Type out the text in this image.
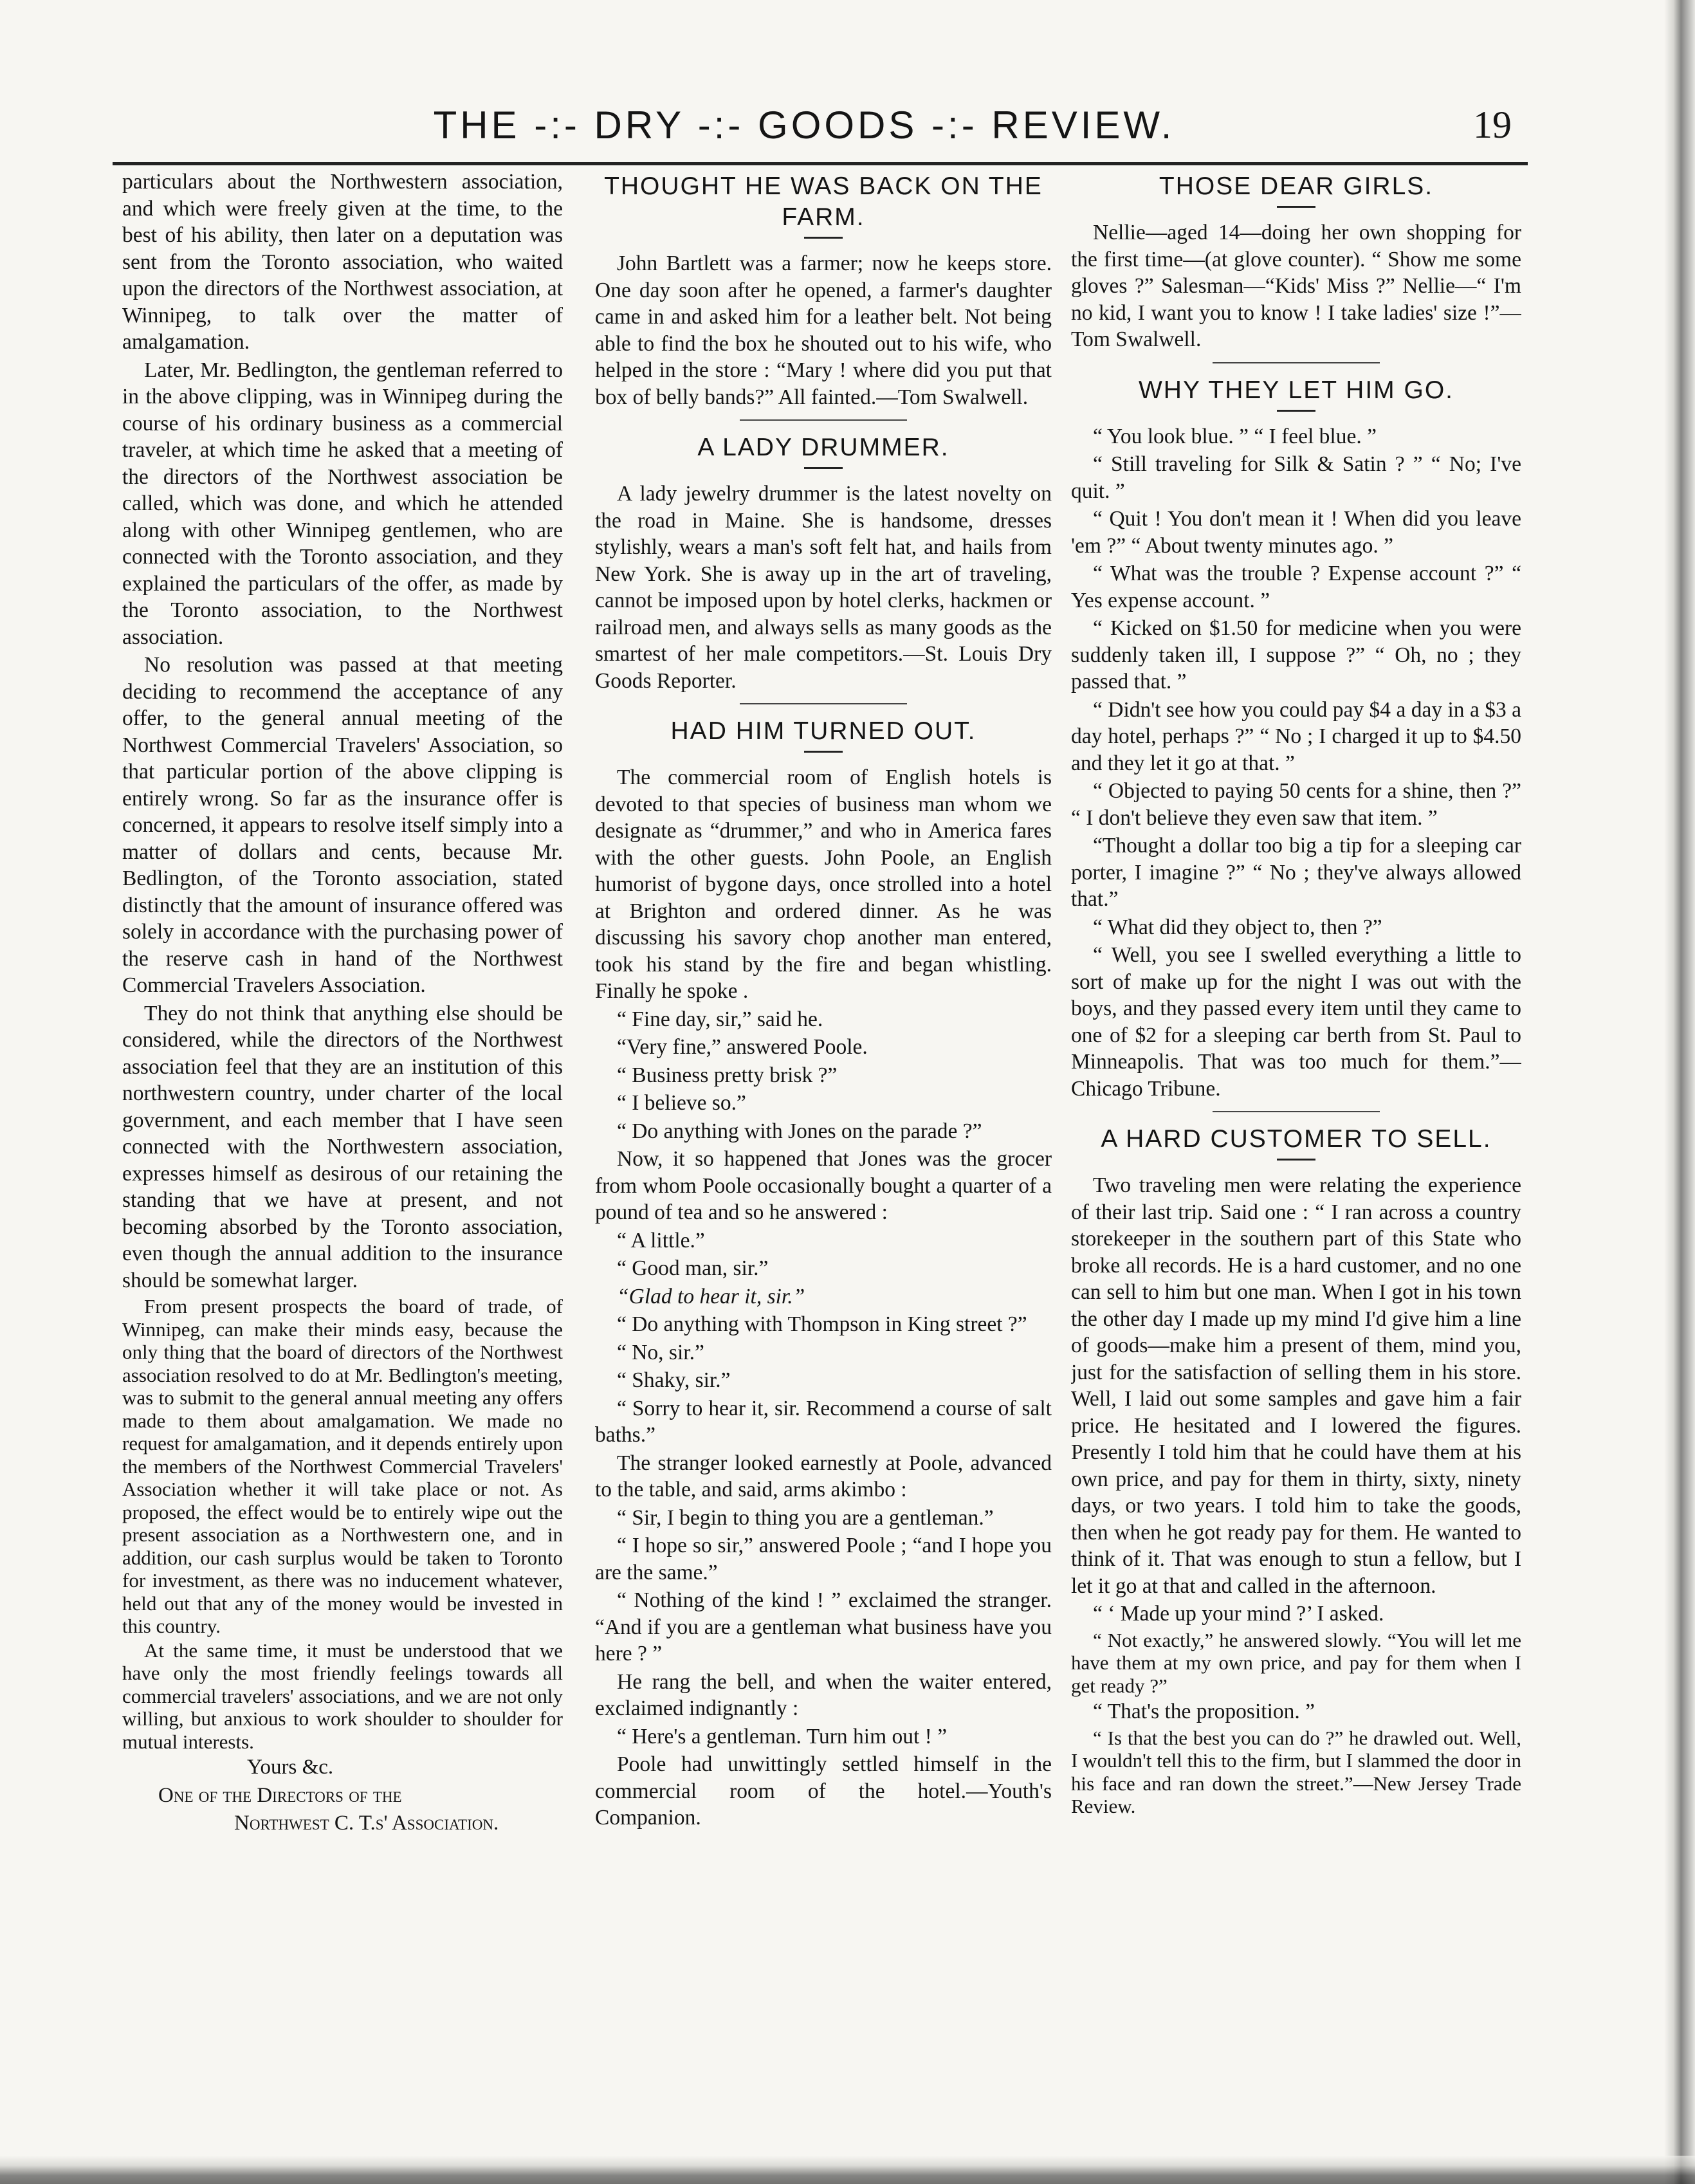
THE -:- DRY -:- GOODS -:- REVIEW.	19

particulars about the Northwestern association, and which were freely given at the time, to the best of his ability, then later on a deputation was sent from the Toronto association, who waited upon the directors of the Northwest association, at Winnipeg, to talk over the matter of amalgamation.

Later, Mr. Bedlington, the gentleman referred to in the above clipping, was in Winnipeg during the course of his ordinary business as a commercial traveler, at which time he asked that a meeting of the directors of the Northwest association be called, which was done, and which he attended along with other Winnipeg gentlemen, who are connected with the Toronto association, and they explained the particulars of the offer, as made by the Toronto association, to the Northwest association.

No resolution was passed at that meeting deciding to recommend the acceptance of any offer, to the general annual meeting of the Northwest Commercial Travelers' Association, so that particular portion of the above clipping is entirely wrong. So far as the insurance offer is concerned, it appears to resolve itself simply into a matter of dollars and cents, because Mr. Bedlington, of the Toronto association, stated distinctly that the amount of insurance offered was solely in accordance with the purchasing power of the reserve cash in hand of the Northwest Commercial Travelers Association.

They do not think that anything else should be considered, while the directors of the Northwest association feel that they are an institution of this northwestern country, under charter of the local government, and each member that I have seen connected with the Northwestern association, expresses himself as desirous of our retaining the standing that we have at present, and not becoming absorbed by the Toronto association, even though the annual addition to the insurance should be somewhat larger.

From present prospects the board of trade, of Winnipeg, can make their minds easy, because the only thing that the board of directors of the Northwest association resolved to do at Mr. Bedlington's meeting, was to submit to the general annual meeting any offers made to them about amalgamation. We made no request for amalgamation, and it depends entirely upon the members of the Northwest Commercial Travelers' Association whether it will take place or not. As proposed, the effect would be to entirely wipe out the present association as a Northwestern one, and in addition, our cash surplus would be taken to Toronto for investment, as there was no inducement whatever, held out that any of the money would be invested in this country.

At the same time, it must be understood that we have only the most friendly feelings towards all commercial travelers' associations, and we are not only willing, but anxious to work shoulder to shoulder for mutual interests.

Yours &c.

One of the Directors of the

Northwest C. T.s' Association.

THOUGHT HE WAS BACK ON THE FARM.

John Bartlett was a farmer; now he keeps store. One day soon after he opened, a farmer's daughter came in and asked him for a leather belt. Not being able to find the box he shouted out to his wife, who helped in the store : “Mary ! where did you put that box of belly bands?” All fainted.—Tom Swalwell.

A LADY DRUMMER.

A lady jewelry drummer is the latest novelty on the road in Maine. She is handsome, dresses stylishly, wears a man's soft felt hat, and hails from New York. She is away up in the art of traveling, cannot be imposed upon by hotel clerks, hackmen or railroad men, and always sells as many goods as the smartest of her male competitors.—St. Louis Dry Goods Reporter.

HAD HIM TURNED OUT.

The commercial room of English hotels is devoted to that species of business man whom we designate as “drummer,” and who in America fares with the other guests. John Poole, an English humorist of bygone days, once strolled into a hotel at Brighton and ordered dinner. As he was discussing his savory chop another man entered, took his stand by the fire and began whistling. Finally he spoke .

“ Fine day, sir,” said he.

“Very fine,” answered Poole.

“ Business pretty brisk ?”

“ I believe so.”

“ Do anything with Jones on the parade ?”

Now, it so happened that Jones was the grocer from whom Poole occasionally bought a quarter of a pound of tea and so he answered :

“ A little.”

“ Good man, sir.”

“Glad to hear it, sir.”

“ Do anything with Thompson in King street ?”

“ No, sir.”

“ Shaky, sir.”

“ Sorry to hear it, sir. Recommend a course of salt baths.”

The stranger looked earnestly at Poole, advanced to the table, and said, arms akimbo :

“ Sir, I begin to thing you are a gentleman.”

“ I hope so sir,” answered Poole ; “and I hope you are the same.”

“ Nothing of the kind ! ” exclaimed the stranger. “And if you are a gentleman what business have you here ? ”

He rang the bell, and when the waiter entered, exclaimed indignantly :

“ Here's a gentleman. Turn him out ! ”

Poole had unwittingly settled himself in the commercial room of the hotel.—Youth's Companion.

THOSE DEAR GIRLS.

Nellie—aged 14—doing her own shopping for the first time—(at glove counter). “ Show me some gloves ?” Salesman—“Kids' Miss ?” Nellie—“ I'm no kid, I want you to know ! I take ladies' size !”—Tom Swalwell.

WHY THEY LET HIM GO.

“ You look blue. ” “ I feel blue. ”

“ Still traveling for Silk & Satin ? ” “ No; I've quit. ”

“ Quit ! You don't mean it ! When did you leave 'em ?” “ About twenty minutes ago. ”

“ What was the trouble ? Expense account ?” “ Yes expense account. ”

“ Kicked on $1.50 for medicine when you were suddenly taken ill, I suppose ?” “ Oh, no ; they passed that. ”

“ Didn't see how you could pay $4 a day in a $3 a day hotel, perhaps ?” “ No ; I charged it up to $4.50 and they let it go at that. ”

“ Objected to paying 50 cents for a shine, then ?” “ I don't believe they even saw that item. ”

“Thought a dollar too big a tip for a sleeping car porter, I imagine ?” “ No ; they've always allowed that.”

“ What did they object to, then ?”

“ Well, you see I swelled everything a little to sort of make up for the night I was out with the boys, and they passed every item until they came to one of $2 for a sleeping car berth from St. Paul to Minneapolis. That was too much for them.”—Chicago Tribune.

A HARD CUSTOMER TO SELL.

Two traveling men were relating the experience of their last trip. Said one : “ I ran across a country storekeeper in the southern part of this State who broke all records. He is a hard customer, and no one can sell to him but one man. When I got in his town the other day I made up my mind I'd give him a line of goods—make him a present of them, mind you, just for the satisfaction of selling them in his store. Well, I laid out some samples and gave him a fair price. He hesitated and I lowered the figures. Presently I told him that he could have them at his own price, and pay for them in thirty, sixty, ninety days, or two years. I told him to take the goods, then when he got ready pay for them. He wanted to think of it. That was enough to stun a fellow, but I let it go at that and called in the afternoon.

“ ‘ Made up your mind ?’ I asked.

“ Not exactly,” he answered slowly. “You will let me have them at my own price, and pay for them when I get ready ?”

“ That's the proposition. ”

“ Is that the best you can do ?” he drawled out. Well, I wouldn't tell this to the firm, but I slammed the door in his face and ran down the street.”—New Jersey Trade Review.
